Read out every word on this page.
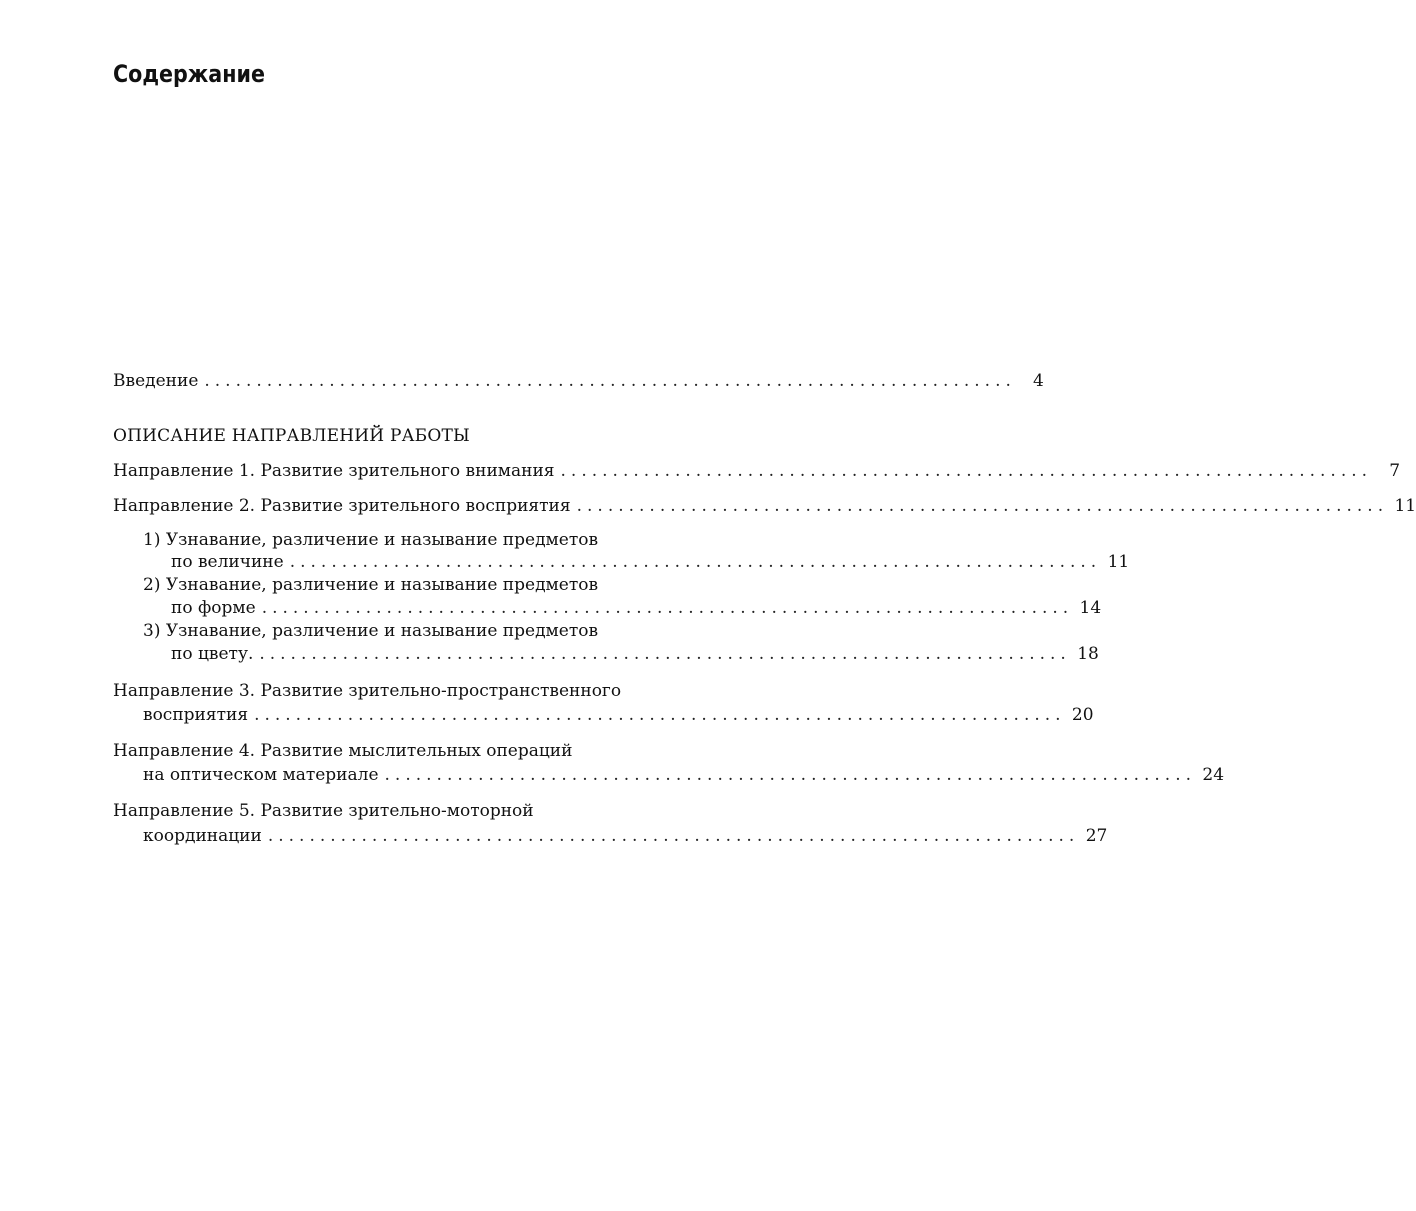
Содержание
Введение ..............................................................................	4
ОПИСАНИЕ НАПРАВЛЕНИЙ РАБОТЫ
Направление 1. Развитие зрительного внимания ..............................................................................	7
Направление 2. Развитие зрительного восприятия .............................................................................. 11
1) Узнавание, различение и называние предметов
по величине .............................................................................. 11
2) Узнавание, различение и называние предметов
по форме .............................................................................. 14
3) Узнавание, различение и называние предметов
по цвету. .............................................................................. 18
Направление 3. Развитие зрительно-пространственного
восприятия .............................................................................. 20
Направление 4. Развитие мыслительных операций
на оптическом материале .............................................................................. 24
Направление 5. Развитие зрительно-моторной
координации .............................................................................. 27
